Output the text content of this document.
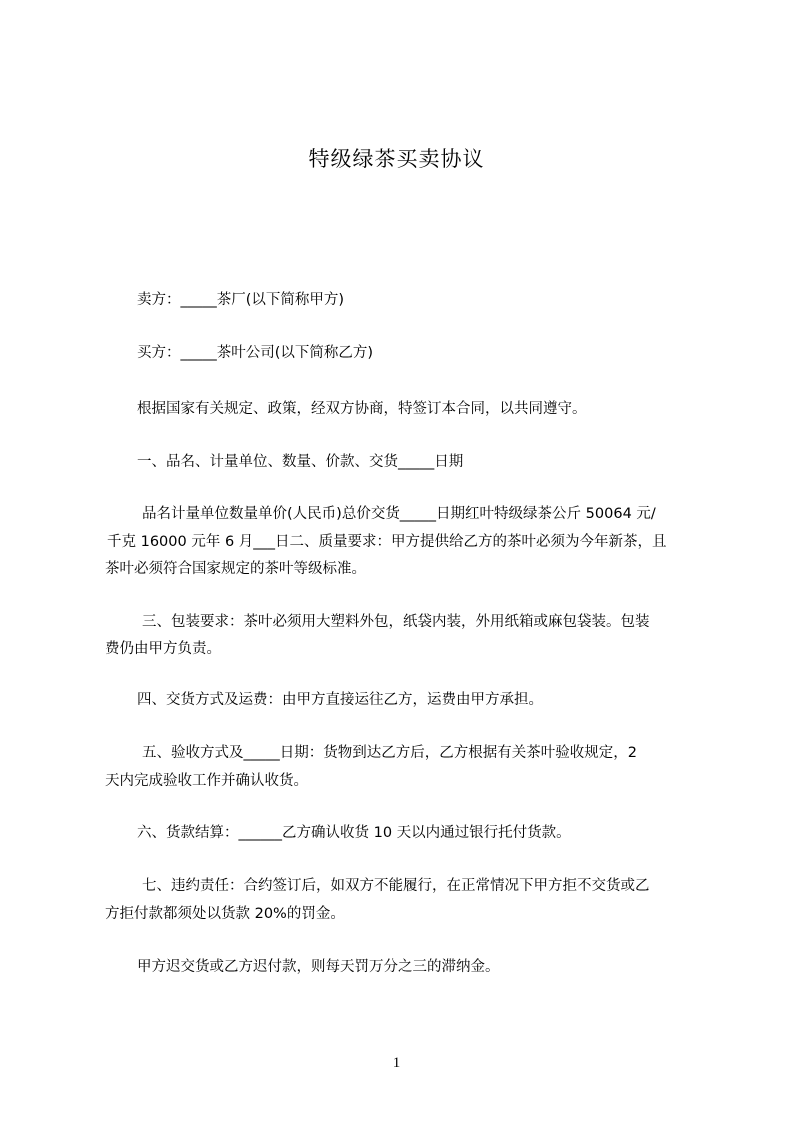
特级绿茶买卖协议
卖方：_____茶厂(以下简称甲方)
买方：_____茶叶公司(以下简称乙方)
根据国家有关规定、政策，经双方协商，特签订本合同，以共同遵守。
一、品名、计量单位、数量、价款、交货_____日期
品名计量单位数量单价(人民币)总价交货_____日期红叶特级绿茶公斤 50064 元/
千克 16000 元年 6 月___日二、质量要求：甲方提供给乙方的茶叶必须为今年新茶，且
茶叶必须符合国家规定的茶叶等级标准。
三、包装要求：茶叶必须用大塑料外包，纸袋内装，外用纸箱或麻包袋装。包装
费仍由甲方负责。
四、交货方式及运费：由甲方直接运往乙方，运费由甲方承担。
五、验收方式及_____日期：货物到达乙方后，乙方根据有关茶叶验收规定，2
天内完成验收工作并确认收货。
六、货款结算：______乙方确认收货 10 天以内通过银行托付货款。
七、违约责任：合约签订后，如双方不能履行，在正常情况下甲方拒不交货或乙
方拒付款都须处以货款 20%的罚金。
甲方迟交货或乙方迟付款，则每天罚万分之三的滞纳金。
1
